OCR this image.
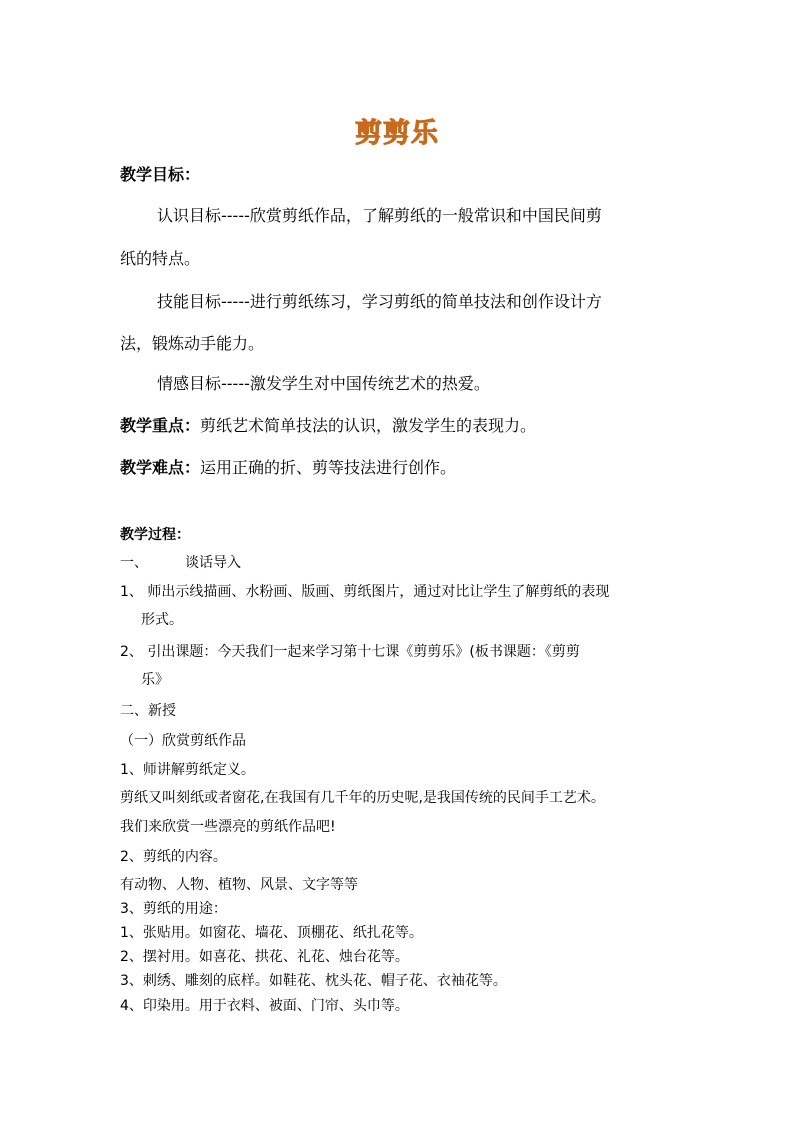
剪剪乐
教学目标：
认识目标-----欣赏剪纸作品，了解剪纸的一般常识和中国民间剪
纸的特点。
技能目标-----进行剪纸练习，学习剪纸的简单技法和创作设计方
法，锻炼动手能力。
情感目标-----激发学生对中国传统艺术的热爱。
教学重点：剪纸艺术简单技法的认识，激发学生的表现力。
教学难点：运用正确的折、剪等技法进行创作。
教学过程：
一、	谈话导入
1、 师出示线描画、水粉画、版画、剪纸图片，通过对比让学生了解剪纸的表现
形式。
2、 引出课题：今天我们一起来学习第十七课《剪剪乐》(板书课题：《剪剪
乐》
二、新授
（一）欣赏剪纸作品
1、师讲解剪纸定义。
剪纸又叫刻纸或者窗花,在我国有几千年的历史呢,是我国传统的民间手工艺术。
我们来欣赏一些漂亮的剪纸作品吧!
2、剪纸的内容。
有动物、人物、植物、风景、文字等等
3、剪纸的用途：
1、张贴用。如窗花、墙花、顶棚花、纸扎花等。
2、摆衬用。如喜花、拱花、礼花、烛台花等。
3、刺绣、雕刻的底样。如鞋花、枕头花、帽子花、衣袖花等。
4、印染用。用于衣料、被面、门帘、头巾等。
